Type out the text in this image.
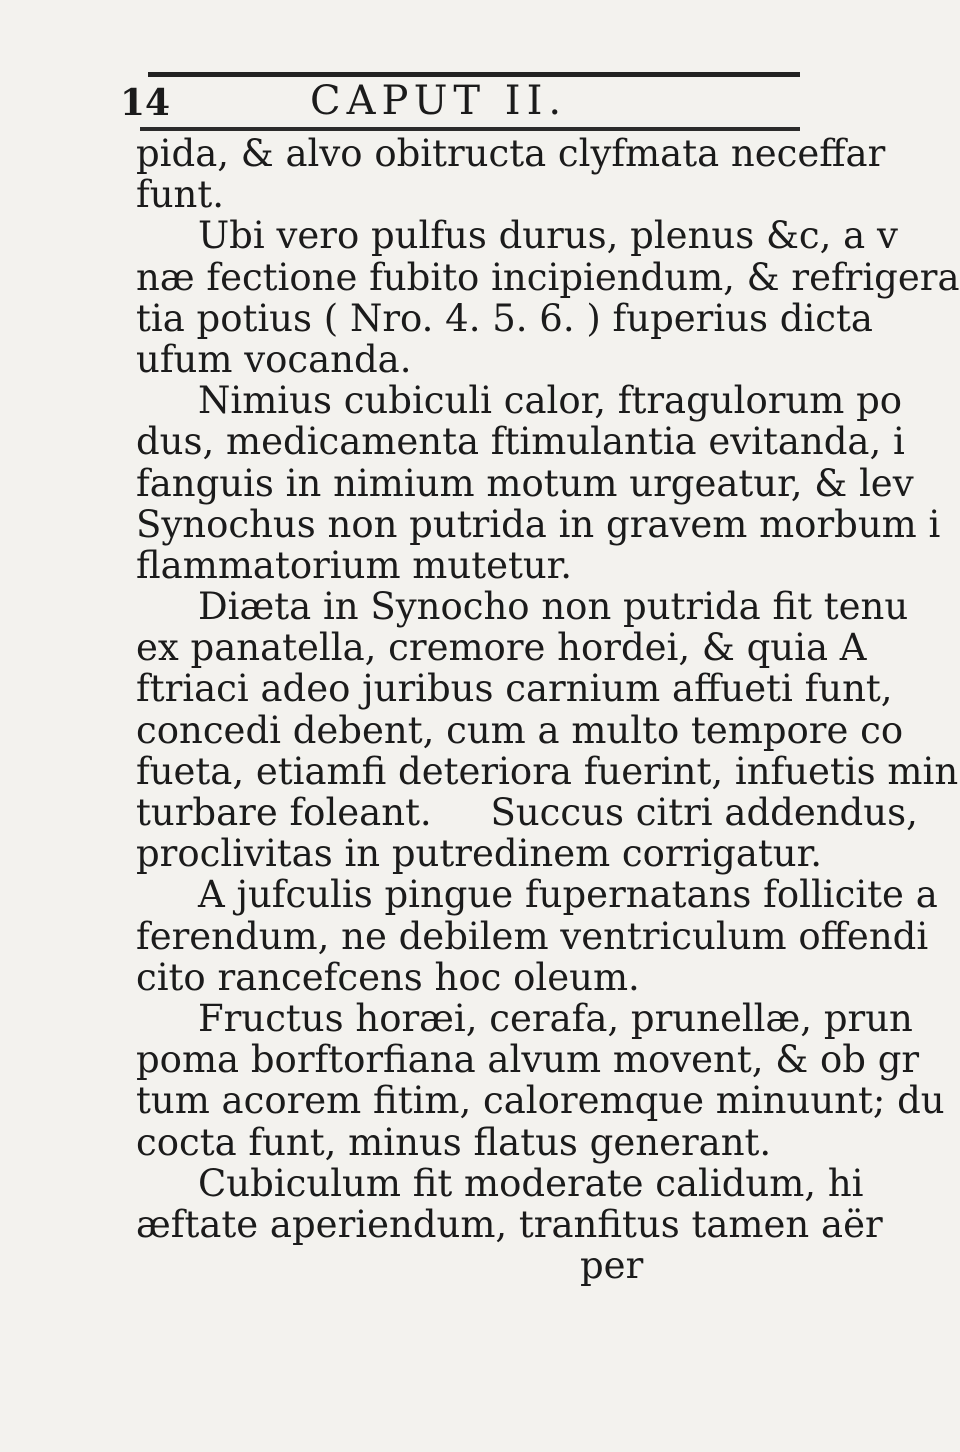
14	CAPUT II.
pida, & alvo obitructa clyfmata neceffar
funt.
Ubi vero pulfus durus, plenus &c, a v
næ fectione fubito incipiendum, & refrigera
tia potius ( Nro. 4. 5. 6. ) fuperius dicta
ufum vocanda.
Nimius cubiculi calor, ftragulorum po
dus, medicamenta ftimulantia evitanda, i
fanguis in nimium motum urgeatur, & lev
Synochus non putrida in gravem morbum i
flammatorium mutetur.
Diæta in Synocho non putrida fit tenu
ex panatella, cremore hordei, & quia A
ftriaci adeo juribus carnium affueti funt,
concedi debent, cum a multo tempore co
fueta, etiamfi deteriora fuerint, infuetis min
turbare foleant.     Succus citri addendus,
proclivitas in putredinem corrigatur.
A jufculis pingue fupernatans follicite a
ferendum, ne debilem ventriculum offendi
cito rancefcens hoc oleum.
Fructus horæi, cerafa, prunellæ, prun
poma borftorfiana alvum movent, & ob gr
tum acorem fitim, caloremque minuunt; du
cocta funt, minus flatus generant.
Cubiculum fit moderate calidum, hi
æftate aperiendum, tranfitus tamen aër
per
